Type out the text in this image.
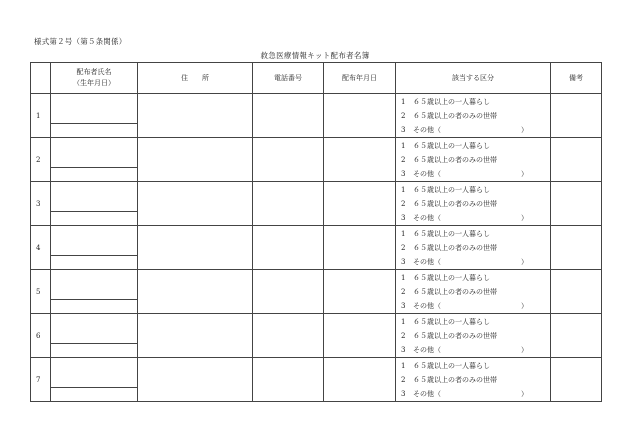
様式第２号（第５条関係）
救急医療情報キット配布者名簿

	配布者氏名
（生年月日）	住　　所	電話番号	配布年月日	該当する区分	備考
1					1 ６５歳以上の一人暮らし
2 ６５歳以上の者のみの世帯
3 その他（ ）	

2					1 ６５歳以上の一人暮らし
2 ６５歳以上の者のみの世帯
3 その他（ ）	

3					1 ６５歳以上の一人暮らし
2 ６５歳以上の者のみの世帯
3 その他（ ）	

4					1 ６５歳以上の一人暮らし
2 ６５歳以上の者のみの世帯
3 その他（ ）	

5					1 ６５歳以上の一人暮らし
2 ６５歳以上の者のみの世帯
3 その他（ ）	

6					1 ６５歳以上の一人暮らし
2 ６５歳以上の者のみの世帯
3 その他（ ）	

7					1 ６５歳以上の一人暮らし
2 ６５歳以上の者のみの世帯
3 その他（ ）	
